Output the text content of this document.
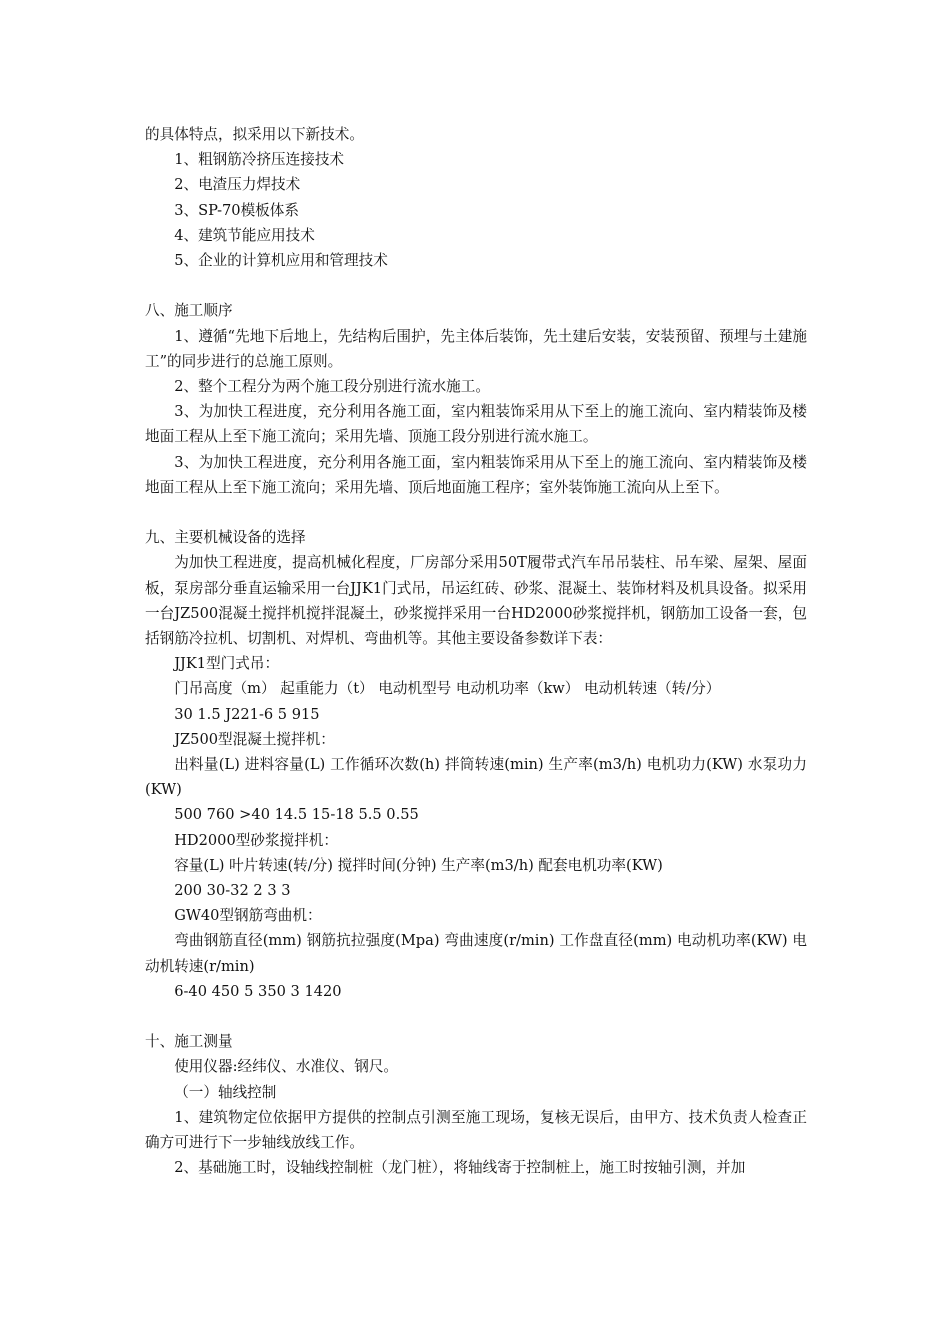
的具体特点，拟采用以下新技术。

1、粗钢筋冷挤压连接技术

2、电渣压力焊技术

3、SP-70模板体系

4、建筑节能应用技术

5、企业的计算机应用和管理技术

八、施工顺序

1、遵循“先地下后地上，先结构后围护，先主体后装饰，先土建后安装，安装预留、预埋与土建施工”的同步进行的总施工原则。

2、整个工程分为两个施工段分别进行流水施工。

3、为加快工程进度，充分利用各施工面，室内粗装饰采用从下至上的施工流向、室内精装饰及楼地面工程从上至下施工流向；采用先墙、顶施工段分别进行流水施工。

3、为加快工程进度，充分利用各施工面，室内粗装饰采用从下至上的施工流向、室内精装饰及楼地面工程从上至下施工流向；采用先墙、顶后地面施工程序；室外装饰施工流向从上至下。

九、主要机械设备的选择

为加快工程进度，提高机械化程度，厂房部分采用50T履带式汽车吊吊装柱、吊车梁、屋架、屋面板，泵房部分垂直运输采用一台JJK1门式吊，吊运红砖、砂浆、混凝土、装饰材料及机具设备。拟采用一台JZ500混凝土搅拌机搅拌混凝土，砂浆搅拌采用一台HD2000砂浆搅拌机，钢筋加工设备一套，包括钢筋冷拉机、切割机、对焊机、弯曲机等。其他主要设备参数详下表：

JJK1型门式吊：

门吊高度（m） 起重能力（t） 电动机型号 电动机功率（kw） 电动机转速（转/分）

30 1.5 J221-6 5 915

JZ500型混凝土搅拌机：

出料量(L) 进料容量(L) 工作循环次数(h) 拌筒转速(min) 生产率(m3/h) 电机功力(KW) 水泵功力(KW)

500 760 >40 14.5 15-18 5.5 0.55

HD2000型砂浆搅拌机：

容量(L) 叶片转速(转/分) 搅拌时间(分钟) 生产率(m3/h) 配套电机功率(KW)

200 30-32 2 3 3

GW40型钢筋弯曲机：

弯曲钢筋直径(mm) 钢筋抗拉强度(Mpa) 弯曲速度(r/min) 工作盘直径(mm) 电动机功率(KW) 电动机转速(r/min)

6-40 450 5 350 3 1420

十、施工测量

使用仪器:经纬仪、水准仪、钢尺。

（一）轴线控制

1、建筑物定位依据甲方提供的控制点引测至施工现场，复核无误后，由甲方、技术负责人检查正确方可进行下一步轴线放线工作。

2、基础施工时，设轴线控制桩（龙门桩），将轴线寄于控制桩上，施工时按轴引测，并加
